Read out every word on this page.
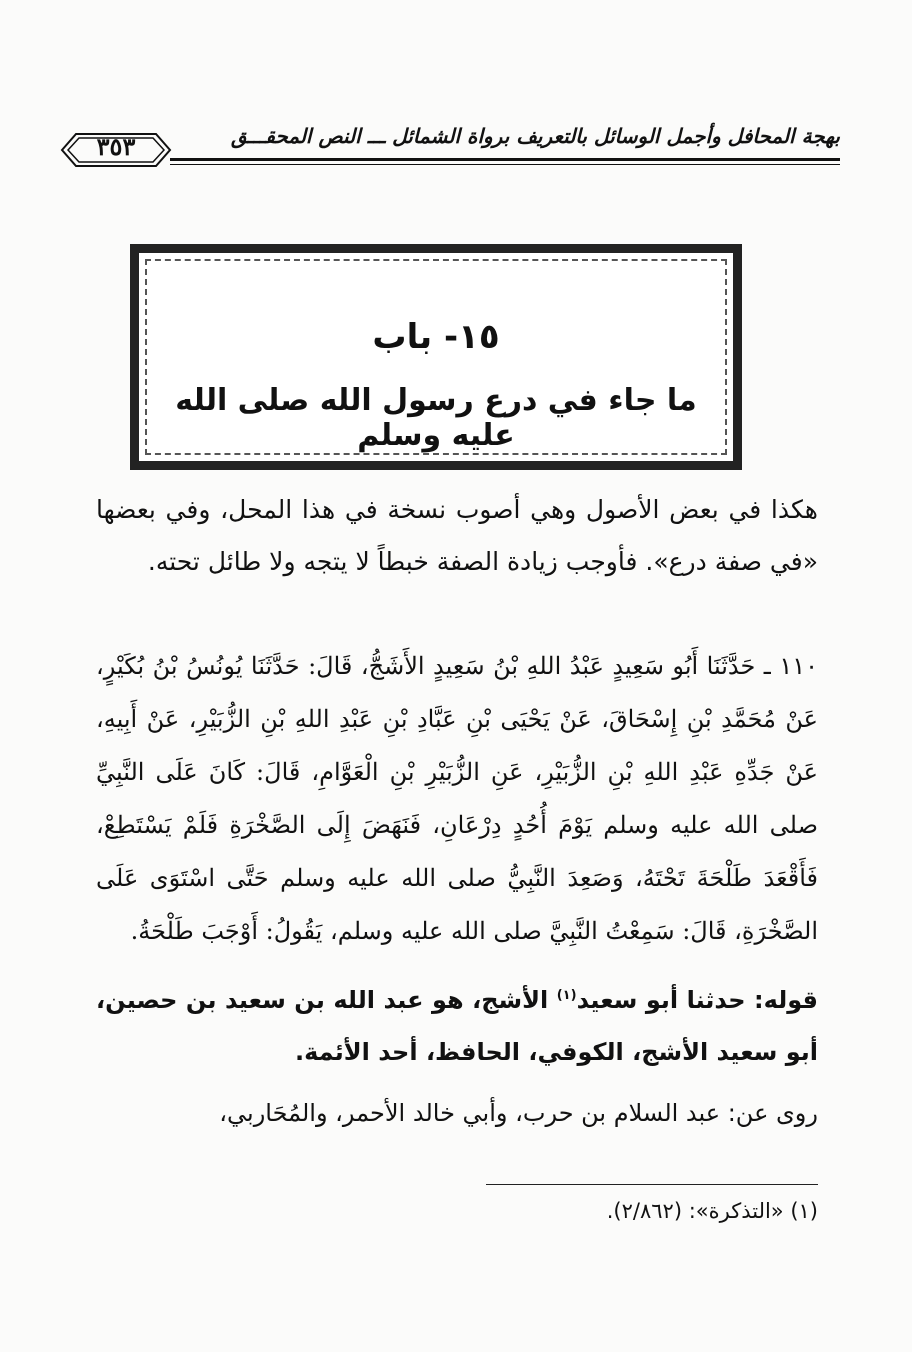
بهجة المحافل وأجمل الوسائل بالتعريف برواة الشمائل ـــ النص المحقـــق
٣٥٣
١٥- باب
ما جاء في درع رسول الله صلى الله عليه وسلم
هكذا في بعض الأصول وهي أصوب نسخة في هذا المحل، وفي بعضها «في صفة درع». فأوجب زيادة الصفة خبطاً لا يتجه ولا طائل تحته.
١١٠ ـ حَدَّثَنَا أَبُو سَعِيدٍ عَبْدُ اللهِ بْنُ سَعِيدٍ الأَشَجُّ، قَالَ: حَدَّثَنَا يُونُسُ بْنُ بُكَيْرٍ، عَنْ مُحَمَّدِ بْنِ إِسْحَاقَ، عَنْ يَحْيَى بْنِ عَبَّادِ بْنِ عَبْدِ اللهِ بْنِ الزُّبَيْرِ، عَنْ أَبِيهِ، عَنْ جَدِّهِ عَبْدِ اللهِ بْنِ الزُّبَيْرِ، عَنِ الزُّبَيْرِ بْنِ الْعَوَّامِ، قَالَ: كَانَ عَلَى النَّبِيِّ صلى الله عليه وسلم يَوْمَ أُحُدٍ دِرْعَانِ، فَنَهَضَ إِلَى الصَّخْرَةِ فَلَمْ يَسْتَطِعْ، فَأَقْعَدَ طَلْحَةَ تَحْتَهُ، وَصَعِدَ النَّبِيُّ صلى الله عليه وسلم حَتَّى اسْتَوَى عَلَى الصَّخْرَةِ، قَالَ: سَمِعْتُ النَّبِيَّ صلى الله عليه وسلم، يَقُولُ: أَوْجَبَ طَلْحَةُ.
قوله: حدثنا أبو سعيد$^{(١)}$ الأشج، هو عبد الله بن سعيد بن حصين، أبو سعيد الأشج، الكوفي، الحافظ، أحد الأئمة.
روى عن: عبد السلام بن حرب، وأبي خالد الأحمر، والمُحَاربي،
(١) «التذكرة»: (٢/٨٦٢).
